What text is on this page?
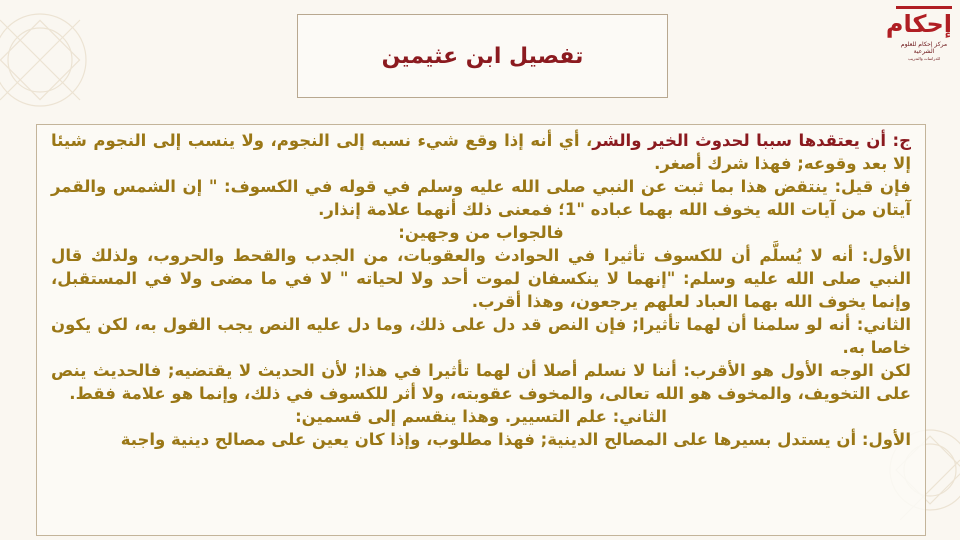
إحكام
مركز إحكام للعلوم الشرعية
للدراسات والتدريب
تفصيل ابن عثيمين

ج: أن يعتقدها سببا لحدوث الخير والشر، أي أنه إذا وقع شيء نسبه إلى النجوم، ولا ينسب إلى النجوم شيئا إلا بعد وقوعه; فهذا شرك أصغر.

فإن قيل: ينتقض هذا بما ثبت عن النبي صلى الله عليه وسلم في قوله في الكسوف: " إن الشمس والقمر آيتان من آيات الله يخوف الله بهما عباده "1؛ فمعنى ذلك أنهما علامة إنذار.

فالجواب من وجهين:

الأول: أنه لا يُسلَّم أن للكسوف تأثيرا في الحوادث والعقوبات، من الجدب والقحط والحروب، ولذلك قال النبي صلى الله عليه وسلم: "إنهما لا ينكسفان لموت أحد ولا لحياته " لا في ما مضى ولا في المستقبل، وإنما يخوف الله بهما العباد لعلهم يرجعون، وهذا أقرب.

الثاني: أنه لو سلمنا أن لهما تأثيرا; فإن النص قد دل على ذلك، وما دل عليه النص يجب القول به، لكن يكون خاصا به.

لكن الوجه الأول هو الأقرب: أننا لا نسلم أصلا أن لهما تأثيرا في هذا; لأن الحديث لا يقتضيه; فالحديث ينص على التخويف، والمخوف هو الله تعالى، والمخوف عقوبته، ولا أثر للكسوف في ذلك، وإنما هو علامة فقط.

الثاني: علم التسيير. وهذا ينقسم إلى قسمين:

الأول: أن يستدل بسيرها على المصالح الدينية; فهذا مطلوب، وإذا كان يعين على مصالح دينية واجبة
